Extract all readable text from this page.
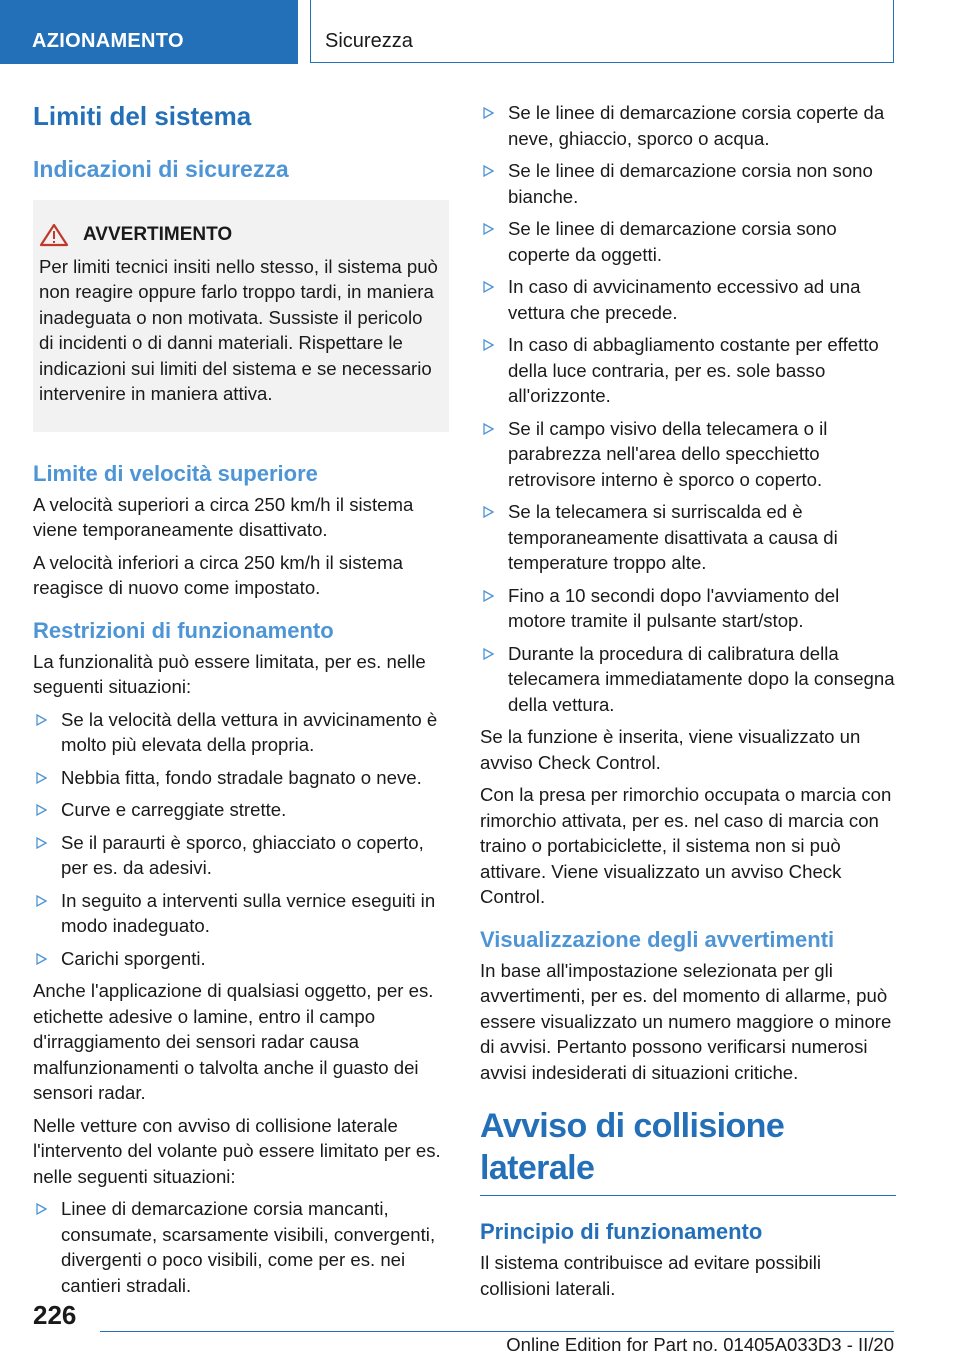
AZIONAMENTO	Sicurezza
Limiti del sistema
Indicazioni di sicurezza
AVVERTIMENTO

Per limiti tecnici insiti nello stesso, il sistema può non reagire oppure farlo troppo tardi, in maniera inadeguata o non motivata. Sussiste il pericolo di incidenti o di danni materiali. Rispettare le indicazioni sui limiti del sistema e se necessario intervenire in maniera attiva.

Limite di velocità superiore

A velocità superiori a circa 250 km/h il sistema viene temporaneamente disattivato.

A velocità inferiori a circa 250 km/h il sistema reagisce di nuovo come impostato.

Restrizioni di funzionamento

La funzionalità può essere limitata, per es. nelle seguenti situazioni:

Se la velocità della vettura in avvicinamento è molto più elevata della propria.
Nebbia fitta, fondo stradale bagnato o neve.
Curve e carreggiate strette.
Se il paraurti è sporco, ghiacciato o coperto, per es. da adesivi.
In seguito a interventi sulla vernice eseguiti in modo inadeguato.
Carichi sporgenti.

Anche l'applicazione di qualsiasi oggetto, per es. etichette adesive o lamine, entro il campo d'irraggiamento dei sensori radar causa malfunzionamenti o talvolta anche il guasto dei sensori radar.

Nelle vetture con avviso di collisione laterale l'intervento del volante può essere limitato per es. nelle seguenti situazioni:

Linee di demarcazione corsia mancanti, consumate, scarsamente visibili, convergenti, divergenti o poco visibili, come per es. nei cantieri stradali.
Se le linee di demarcazione corsia coperte da neve, ghiaccio, sporco o acqua.
Se le linee di demarcazione corsia non sono bianche.
Se le linee di demarcazione corsia sono coperte da oggetti.
In caso di avvicinamento eccessivo ad una vettura che precede.
In caso di abbagliamento costante per effetto della luce contraria, per es. sole basso all'orizzonte.
Se il campo visivo della telecamera o il parabrezza nell'area dello specchietto retrovisore interno è sporco o coperto.
Se la telecamera si surriscalda ed è temporaneamente disattivata a causa di temperature troppo alte.
Fino a 10 secondi dopo l'avviamento del motore tramite il pulsante start/stop.
Durante la procedura di calibratura della telecamera immediatamente dopo la consegna della vettura.

Se la funzione è inserita, viene visualizzato un avviso Check Control.

Con la presa per rimorchio occupata o marcia con rimorchio attivata, per es. nel caso di marcia con traino o portabiciclette, il sistema non si può attivare. Viene visualizzato un avviso Check Control.

Visualizzazione degli avvertimenti

In base all'impostazione selezionata per gli avvertimenti, per es. del momento di allarme, può essere visualizzato un numero maggiore o minore di avvisi. Pertanto possono verificarsi numerosi avvisi indesiderati di situazioni critiche.

Avviso di collisione laterale
Principio di funzionamento

Il sistema contribuisce ad evitare possibili collisioni laterali.

226
Online Edition for Part no. 01405A033D3 - II/20
